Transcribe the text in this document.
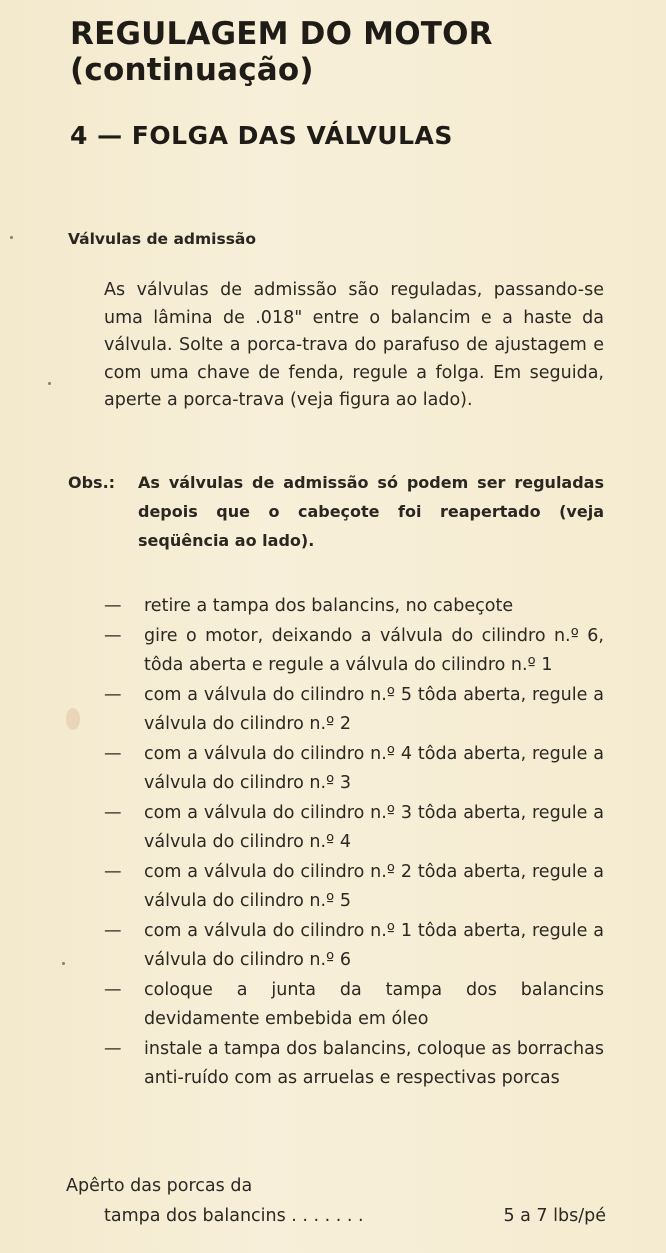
REGULAGEM DO MOTOR
(continuação)
4 — FOLGA DAS VÁLVULAS
Válvulas de admissão
As válvulas de admissão são reguladas, passando-se uma lâmina de .018" entre o balancim e a haste da válvula. Solte a porca-trava do parafuso de ajustagem e com uma chave de fenda, regule a folga. Em seguida, aperte a porca-trava (veja figura ao lado).
Obs.: As válvulas de admissão só podem ser reguladas depois que o cabeçote foi reapertado (veja seqüência ao lado).
— retire a tampa dos balancins, no cabeçote
— gire o motor, deixando a válvula do cilindro n.º 6, tôda aberta e regule a válvula do cilindro n.º 1
— com a válvula do cilindro n.º 5 tôda aberta, regule a válvula do cilindro n.º 2
— com a válvula do cilindro n.º 4 tôda aberta, regule a válvula do cilindro n.º 3
— com a válvula do cilindro n.º 3 tôda aberta, regule a válvula do cilindro n.º 4
— com a válvula do cilindro n.º 2 tôda aberta, regule a válvula do cilindro n.º 5
— com a válvula do cilindro n.º 1 tôda aberta, regule a válvula do cilindro n.º 6
— coloque a junta da tampa dos balancins devidamente embebida em óleo
— instale a tampa dos balancins, coloque as borrachas anti-ruído com as arruelas e respectivas porcas
Apêrto das porcas da
tampa dos balancins . . . . . . .	5 a 7 lbs/pé
